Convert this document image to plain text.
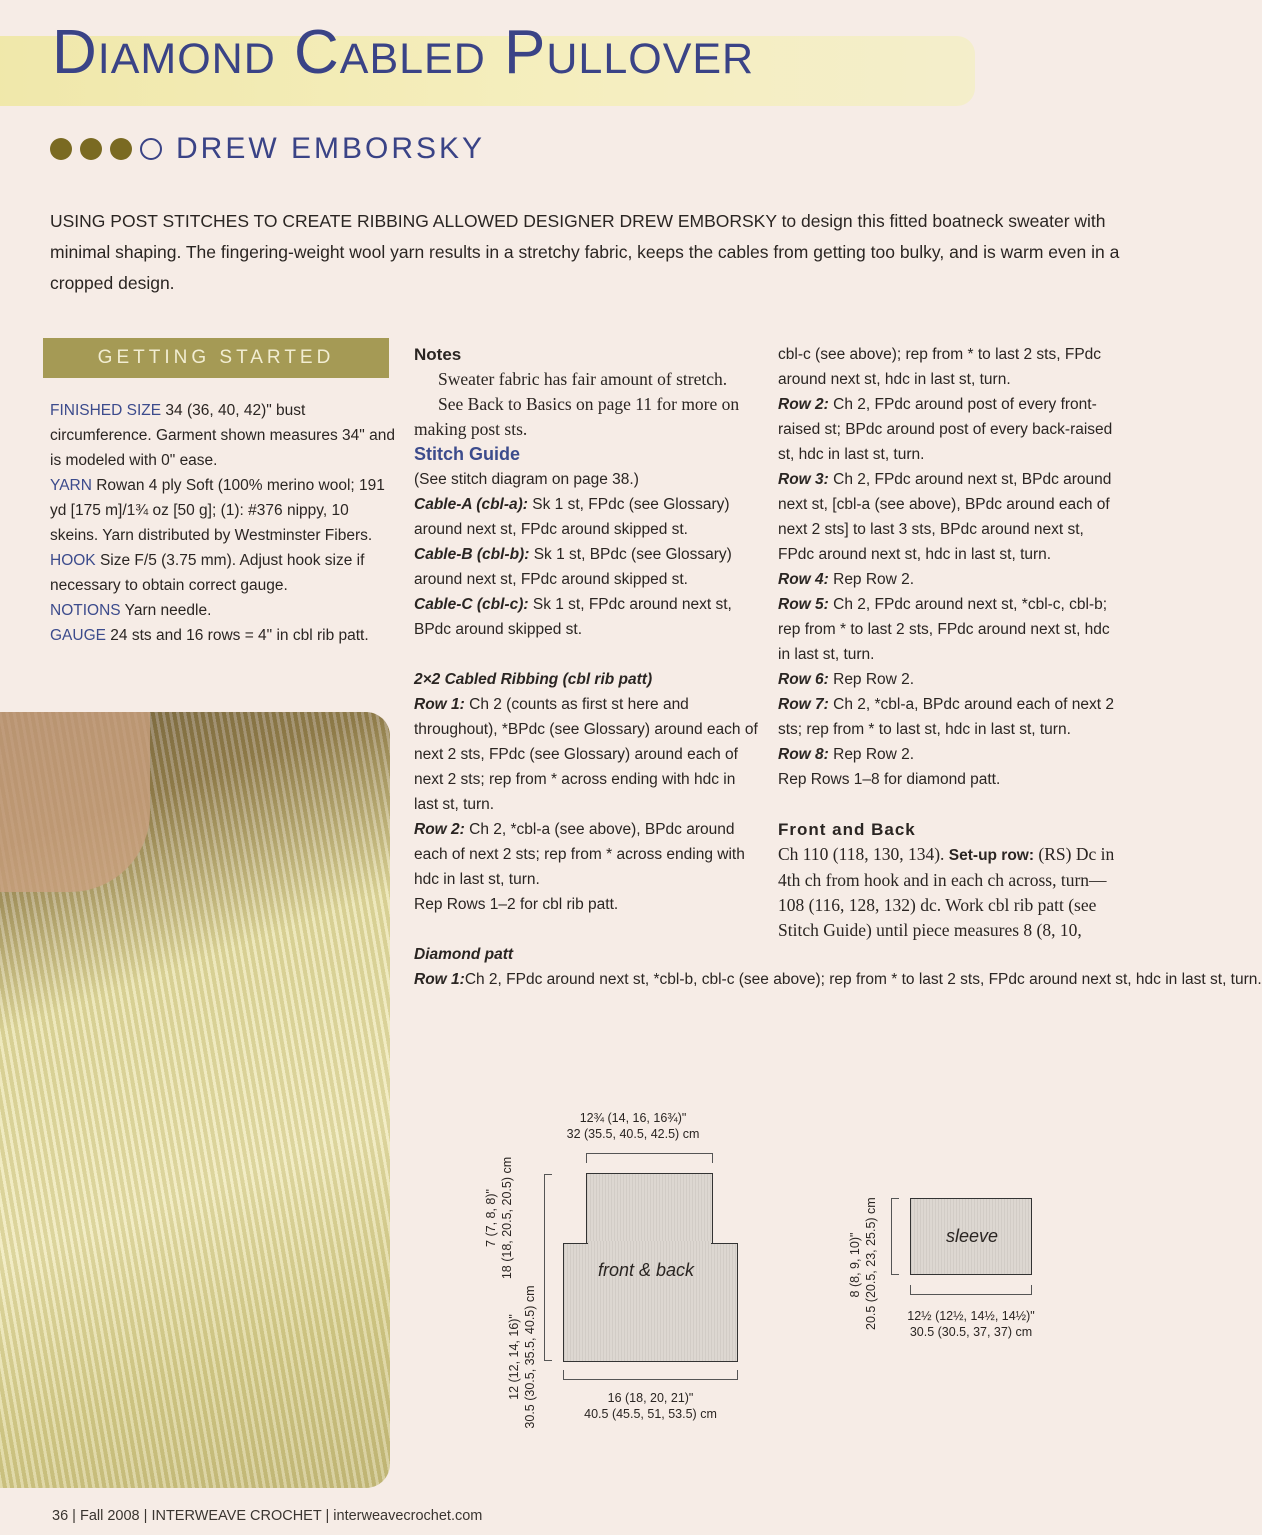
Diamond Cabled Pullover
DREW EMBORSKY

USING POST STITCHES TO CREATE RIBBING ALLOWED DESIGNER DREW EMBORSKY to design this fitted boatneck sweater with minimal shaping. The fingering-weight wool yarn results in a stretchy fabric, keeps the cables from getting too bulky, and is warm even in a cropped design.

GETTING STARTED

FINISHED SIZE 34 (36, 40, 42)" bust circumference. Garment shown measures 34" and is modeled with 0" ease.

YARN Rowan 4 ply Soft (100% merino wool; 191 yd [175 m]/1¾ oz [50 g]; (1): #376 nippy, 10 skeins. Yarn distributed by Westminster Fibers.

HOOK Size F/5 (3.75 mm). Adjust hook size if necessary to obtain correct gauge.

NOTIONS Yarn needle.

GAUGE 24 sts and 16 rows = 4" in cbl rib patt.

Notes

Sweater fabric has fair amount of stretch.

See Back to Basics on page 11 for more on making post sts.

Stitch Guide

(See stitch diagram on page 38.)

Cable-A (cbl-a): Sk 1 st, FPdc (see Glossary) around next st, FPdc around skipped st.

Cable-B (cbl-b): Sk 1 st, BPdc (see Glossary) around next st, FPdc around skipped st.

Cable-C (cbl-c): Sk 1 st, FPdc around next st, BPdc around skipped st.

2×2 Cabled Ribbing (cbl rib patt)

Row 1: Ch 2 (counts as first st here and throughout), *BPdc (see Glossary) around each of next 2 sts, FPdc (see Glossary) around each of next 2 sts; rep from * across ending with hdc in last st, turn.

Row 2: Ch 2, *cbl-a (see above), BPdc around each of next 2 sts; rep from * across ending with hdc in last st, turn.

Rep Rows 1–2 for cbl rib patt.

Diamond patt

Row 1:Ch 2, FPdc around next st, *cbl-b, cbl-c (see above); rep from * to last 2 sts, FPdc around next st, hdc in last st, turn.

cbl-c (see above); rep from * to last 2 sts, FPdc around next st, hdc in last st, turn.

Row 2: Ch 2, FPdc around post of every front-raised st; BPdc around post of every back-raised st, hdc in last st, turn.

Row 3: Ch 2, FPdc around next st, BPdc around next st, [cbl-a (see above), BPdc around each of next 2 sts] to last 3 sts, BPdc around next st, FPdc around next st, hdc in last st, turn.

Row 4: Rep Row 2.

Row 5: Ch 2, FPdc around next st, *cbl-c, cbl-b; rep from * to last 2 sts, FPdc around next st, hdc in last st, turn.

Row 6: Rep Row 2.

Row 7: Ch 2, *cbl-a, BPdc around each of next 2 sts; rep from * to last st, hdc in last st, turn.

Row 8: Rep Row 2.

Rep Rows 1–8 for diamond patt.

Front and Back

Ch 110 (118, 130, 134). Set-up row: (RS) Dc in 4th ch from hook and in each ch across, turn—108 (116, 128, 132) dc. Work cbl rib patt (see Stitch Guide) until piece measures 8 (8, 10,

12¾ (14, 16, 16¾)"
32 (35.5, 40.5, 42.5) cm
front & back
16 (18, 20, 21)"
40.5 (45.5, 51, 53.5) cm
7 (7, 8, 8)" 18 (18, 20.5, 20.5) cm
12 (12, 14, 16)" 30.5 (30.5, 35.5, 40.5) cm
sleeve
8 (8, 9, 10)" 20.5 (20.5, 23, 25.5) cm	12½ (12½, 14½, 14½)"
30.5 (30.5, 37, 37) cm
36 | Fall 2008 | INTERWEAVE CROCHET | interweavecrochet.com
